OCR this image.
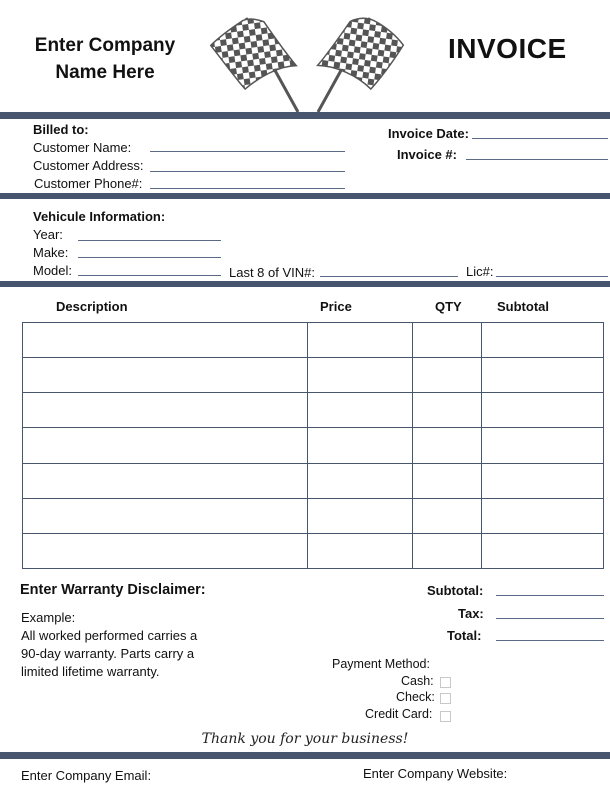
Enter Company
Name Here
INVOICE
Billed to:
Customer Name:
Customer Address:
Customer Phone#:
Invoice Date:
Invoice #:
Vehicule Information:
Year:
Make:
Model:	Last 8 of VIN#:	Lic#:
Description	Price	QTY	Subtotal

Enter Warranty Disclaimer:
Example:
All worked performed carries a
90-day warranty. Parts carry a
limited lifetime warranty.
Subtotal:
Tax:
Total:
Payment Method:
Cash:
Check:
Credit Card:
Thank you for your business!
Enter Company Email:	Enter Company Website:
